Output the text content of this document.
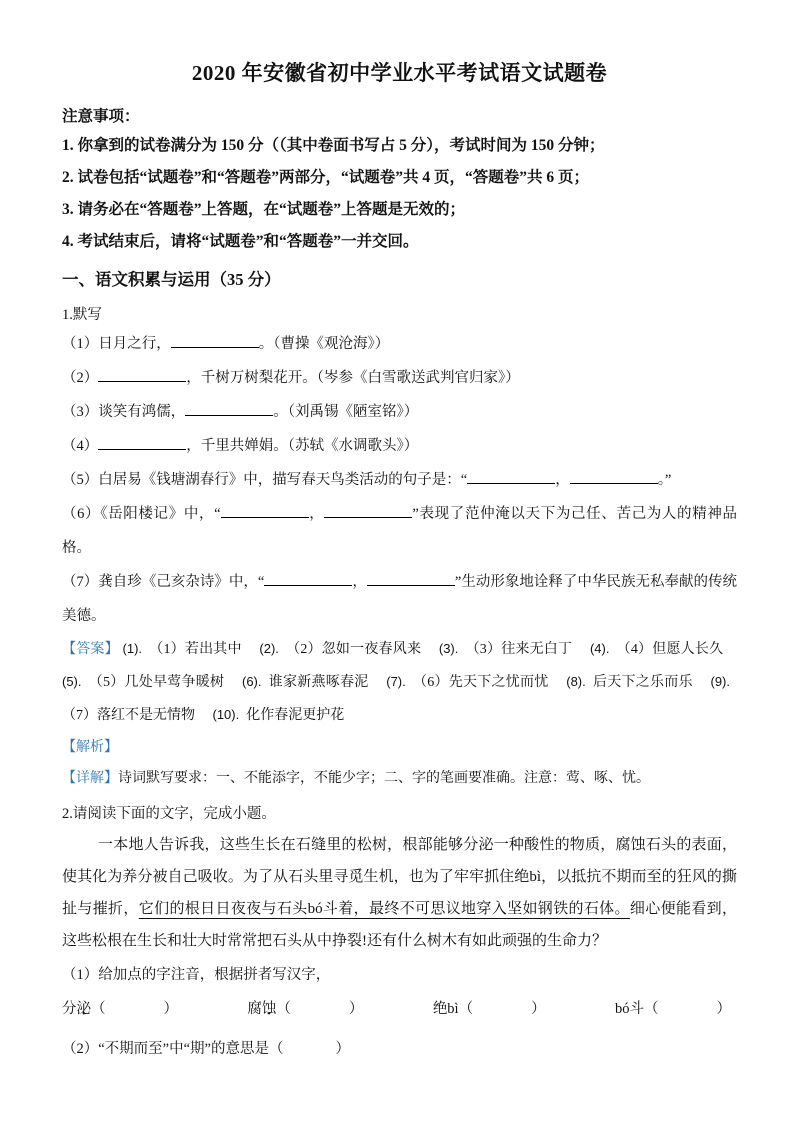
2020 年安徽省初中学业水平考试语文试题卷
注意事项：
1. 你拿到的试卷满分为 150 分（（其中卷面书写占 5 分），考试时间为 150 分钟；
2. 试卷包括“试题卷”和“答题卷”两部分，“试题卷”共 4 页，“答题卷”共 6 页；
3. 请务必在“答题卷”上答题，在“试题卷”上答题是无效的；
4. 考试结束后，请将“试题卷”和“答题卷”一并交回。
一、语文积累与运用（35 分）
1.默写
（1）日月之行，	。（曹操《观沧海》）
（2）	，千树万树梨花开。（岑参《白雪歌送武判官归家》）
（3）谈笑有鸿儒，	。（刘禹锡《陋室铭》）
（4）	，千里共婵娟。（苏轼《水调歌头》）
（5）白居易《钱塘湖春行》中，描写春天鸟类活动的句子是：“	，	。”
（6）《岳阳楼记》中，“	，	”表现了范仲淹以天下为己任、苦己为人的精神品格。
（7）龚自珍《己亥杂诗》中，“	，	”生动形象地诠释了中华民族无私奉献的传统美德。
【答案】 (1). （1）若出其中 (2). （2）忽如一夜春风来 (3). （3）往来无白丁 (4). （4）但愿人长久 (5). （5）几处早莺争暖树 (6). 谁家新燕啄春泥 (7). （6）先天下之忧而忧 (8). 后天下之乐而乐 (9).（7）落红不是无情物 (10). 化作春泥更护花
【解析】
【详解】诗词默写要求：一、不能添字，不能少字；二、字的笔画要准确。注意：莺、啄、忧。
2.请阅读下面的文字，完成小题。
一本地人告诉我，这些生长在石缝里的松树，根部能够分泌一种酸性的物质，腐蚀石头的表面，使其化为养分被自己吸收。为了从石头里寻觅生机，也为了牢牢抓住绝bì，以抵抗不期而至的狂风的撕扯与摧折，它们的根日日夜夜与石头bó斗着，最终不可思议地穿入坚如钢铁的石体。细心便能看到，这些松根在生长和壮大时常常把石头从中挣裂!还有什么树木有如此顽强的生命力？
（1）给加点的字注音，根据拼者写汉字，
分泌（	）	腐蚀（	）	绝bì（	）	bó斗（	）
（2）“不期而至”中“期”的意思是（	）
